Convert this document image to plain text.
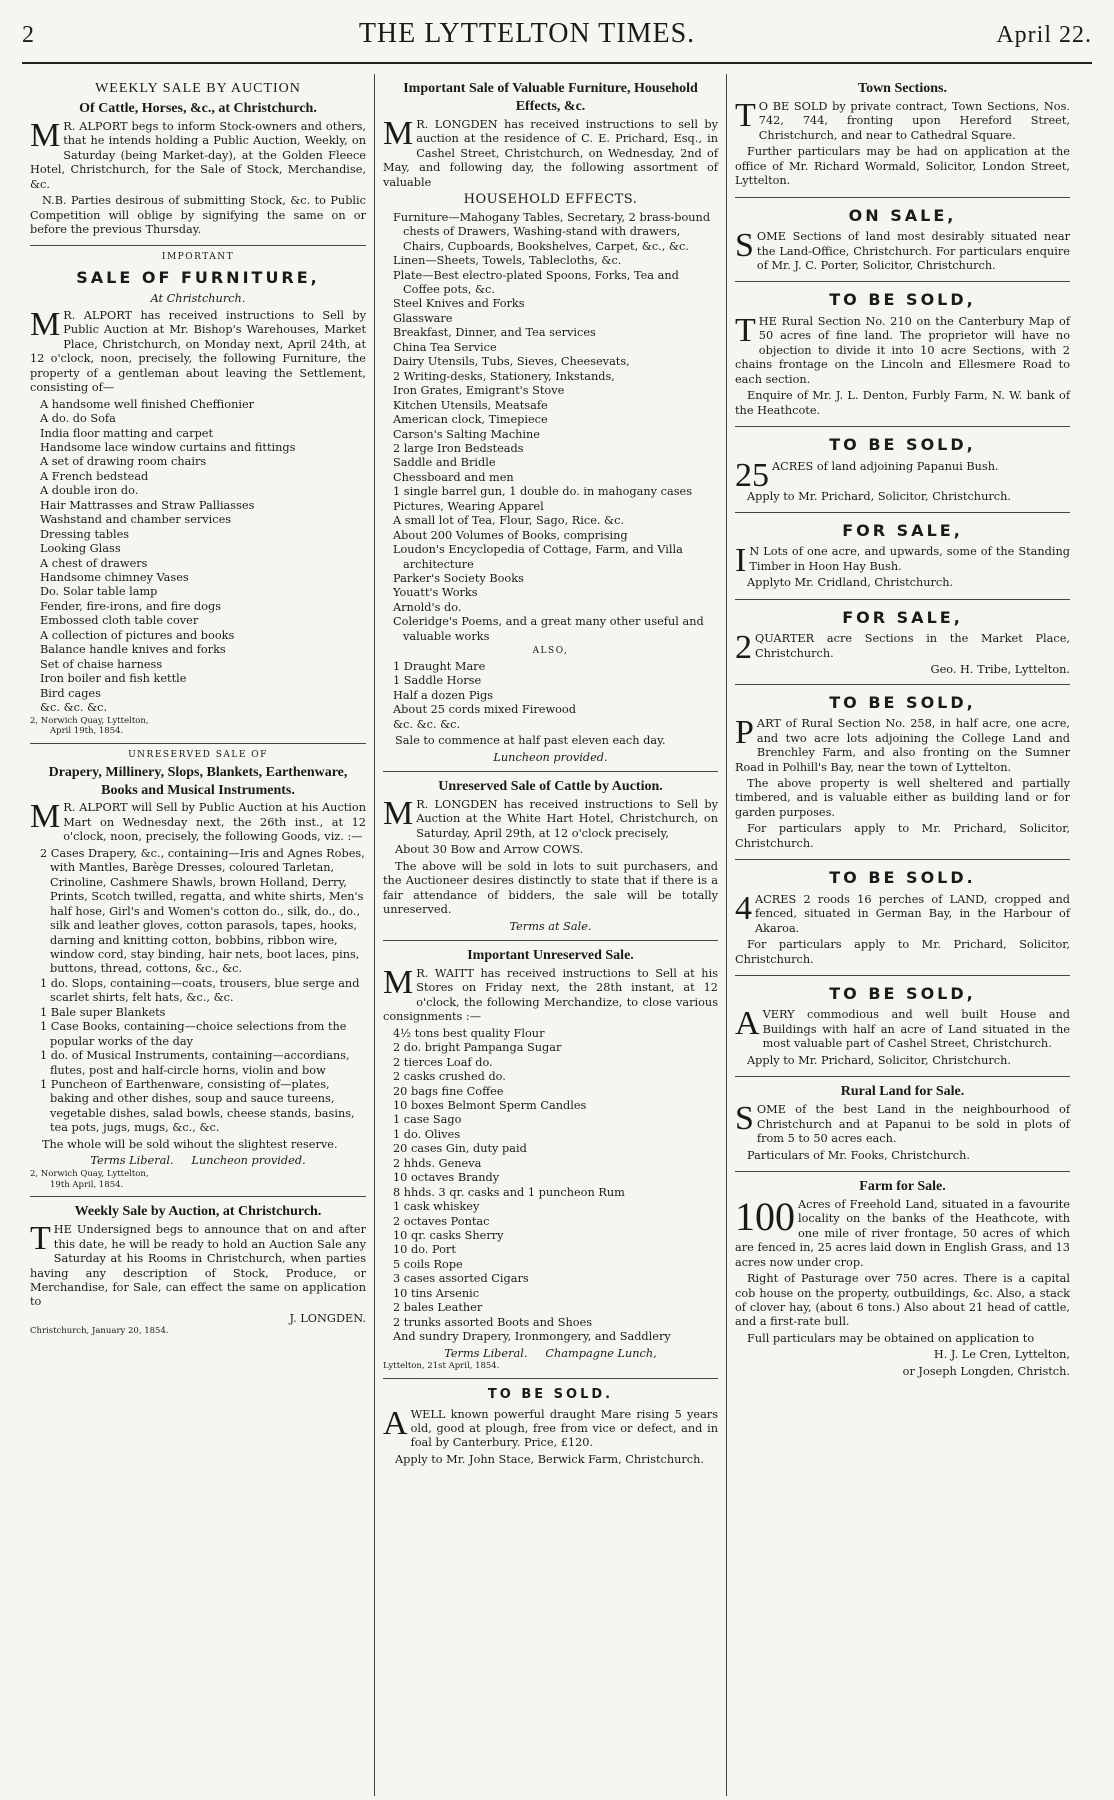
2	THE LYTTELTON TIMES.	April 22.
WEEKLY SALE BY AUCTION
Of Cattle, Horses, &c., at Christchurch.
M R. ALPORT begs to inform Stock-owners and others, that he intends holding a Public Auction, Weekly, on Saturday (being Market-day), at the Golden Fleece Hotel, Christchurch, for the Sale of Stock, Merchandise, &c.
N.B. Parties desirous of submitting Stock, &c. to Public Competition will oblige by signifying the same on or before the previous Thursday.
IMPORTANT
SALE OF FURNITURE,
At Christchurch.
M R. ALPORT has received instructions to Sell by Public Auction at Mr. Bishop's Warehouses, Market Place, Christchurch, on Monday next, April 24th, at 12 o'clock, noon, precisely, the following Furniture, the property of a gentleman about leaving the Settlement, consisting of—
A handsome well finished Cheffionier
A do. do Sofa
India floor matting and carpet
Handsome lace window curtains and fittings
A set of drawing room chairs
A French bedstead
A double iron do.
Hair Mattrasses and Straw Palliasses
Washstand and chamber services
Dressing tables
Looking Glass
A chest of drawers
Handsome chimney Vases
Do. Solar table lamp
Fender, fire-irons, and fire dogs
Embossed cloth table cover
A collection of pictures and books
Balance handle knives and forks
Set of chaise harness
Iron boiler and fish kettle
Bird cages
&c. &c. &c.
2, Norwich Quay, Lyttelton,
April 19th, 1854.
UNRESERVED SALE OF
Drapery, Millinery, Slops, Blankets, Earthenware, Books and Musical Instruments.
M R. ALPORT will Sell by Public Auction at his Auction Mart on Wednesday next, the 26th inst., at 12 o'clock, noon, precisely, the following Goods, viz. :—
2 Cases Drapery, &c., containing—Iris and Agnes Robes, with Mantles, Barège Dresses, coloured Tarletan, Crinoline, Cashmere Shawls, brown Holland, Derry, Prints, Scotch twilled, regatta, and white shirts, Men's half hose, Girl's and Women's cotton do., silk, do., do., silk and leather gloves, cotton parasols, tapes, hooks, darning and knitting cotton, bobbins, ribbon wire, window cord, stay binding, hair nets, boot laces, pins, buttons, thread, cottons, &c., &c.
1 do. Slops, containing—coats, trousers, blue serge and scarlet shirts, felt hats, &c., &c.
1 Bale super Blankets
1 Case Books, containing—choice selections from the popular works of the day
1 do. of Musical Instruments, containing—accordians, flutes, post and half-circle horns, violin and bow
1 Puncheon of Earthenware, consisting of—plates, baking and other dishes, soup and sauce tureens, vegetable dishes, salad bowls, cheese stands, basins, tea pots, jugs, mugs, &c., &c.
The whole will be sold wihout the slightest reserve.
Terms Liberal.     Luncheon provided.
2, Norwich Quay, Lyttelton,
19th April, 1854.
Weekly Sale by Auction, at Christchurch.
THE Undersigned begs to announce that on and after this date, he will be ready to hold an Auction Sale any Saturday at his Rooms in Christchurch, when parties having any description of Stock, Produce, or Merchandise, for Sale, can effect the same on application to
J. LONGDEN.
Christchurch, January 20, 1854.
Important Sale of Valuable Furniture, Household Effects, &c.
M R. LONGDEN has received instructions to sell by auction at the residence of C. E. Prichard, Esq., in Cashel Street, Christchurch, on Wednesday, 2nd of May, and following day, the following assortment of valuable
HOUSEHOLD EFFECTS.
Furniture—Mahogany Tables, Secretary, 2 brass-bound chests of Drawers, Washing-stand with drawers, Chairs, Cupboards, Bookshelves, Carpet, &c., &c.
Linen—Sheets, Towels, Tablecloths, &c.
Plate—Best electro-plated Spoons, Forks, Tea and Coffee pots, &c.
Steel Knives and Forks
Glassware
Breakfast, Dinner, and Tea services
China Tea Service
Dairy Utensils, Tubs, Sieves, Cheesevats,
2 Writing-desks, Stationery, Inkstands,
Iron Grates, Emigrant's Stove
Kitchen Utensils, Meatsafe
American clock, Timepiece
Carson's Salting Machine
2 large Iron Bedsteads
Saddle and Bridle
Chessboard and men
1 single barrel gun, 1 double do. in mahogany cases
Pictures, Wearing Apparel
A small lot of Tea, Flour, Sago, Rice. &c.
About 200 Volumes of Books, comprising
Loudon's Encyclopedia of Cottage, Farm, and Villa architecture
Parker's Society Books
Youatt's Works
Arnold's do.
Coleridge's Poems, and a great many other useful and valuable works
ALSO,
1 Draught Mare
1 Saddle Horse
Half a dozen Pigs
About 25 cords mixed Firewood
&c. &c. &c.
Sale to commence at half past eleven each day.
Luncheon provided.
Unreserved Sale of Cattle by Auction.
M R. LONGDEN has received instructions to Sell by Auction at the White Hart Hotel, Christchurch, on Saturday, April 29th, at 12 o'clock precisely,
About 30 Bow and Arrow COWS.
The above will be sold in lots to suit purchasers, and the Auctioneer desires distinctly to state that if there is a fair attendance of bidders, the sale will be totally unreserved.
Terms at Sale.
Important Unreserved Sale.
M R. WAITT has received instructions to Sell at his Stores on Friday next, the 28th instant, at 12 o'clock, the following Merchandize, to close various consignments :—
4½ tons best quality Flour
2 do. bright Pampanga Sugar
2 tierces Loaf do.
2 casks crushed do.
20 bags fine Coffee
10 boxes Belmont Sperm Candles
1 case Sago
1 do. Olives
20 cases Gin, duty paid
2 hhds. Geneva
10 octaves Brandy
8 hhds. 3 qr. casks and 1 puncheon Rum
1 cask whiskey
2 octaves Pontac
10 qr. casks Sherry
10 do. Port
5 coils Rope
3 cases assorted Cigars
10 tins Arsenic
2 bales Leather
2 trunks assorted Boots and Shoes
And sundry Drapery, Ironmongery, and Saddlery
Terms Liberal.     Champagne Lunch,
Lyttelton, 21st April, 1854.
TO BE SOLD.
AWELL known powerful draught Mare rising 5 years old, good at plough, free from vice or defect, and in foal by Canterbury. Price, £120.
Apply to Mr. John Stace, Berwick Farm, Christchurch.
Town Sections.
T O BE SOLD by private contract, Town Sections, Nos. 742, 744, fronting upon Hereford Street, Christchurch, and near to Cathedral Square.
Further particulars may be had on application at the office of Mr. Richard Wormald, Solicitor, London Street, Lyttelton.
ON SALE,
SOME Sections of land most desirably situated near the Land-Office, Christchurch. For particulars enquire of Mr. J. C. Porter, Solicitor, Christchurch.
TO BE SOLD,
THE Rural Section No. 210 on the Canterbury Map of 50 acres of fine land. The proprietor will have no objection to divide it into 10 acre Sections, with 2 chains frontage on the Lincoln and Ellesmere Road to each section.
Enquire of Mr. J. L. Denton, Furbly Farm, N. W. bank of the Heathcote.
TO BE SOLD,
25 ACRES of land adjoining Papanui Bush.
Apply to Mr. Prichard, Solicitor, Christchurch.
FOR SALE,
I N Lots of one acre, and upwards, some of the Standing Timber in Hoon Hay Bush.
Applyto Mr. Cridland, Christchurch.
FOR SALE,
2 QUARTER acre Sections in the Market Place, Christchurch.
Geo. H. Tribe, Lyttelton.
TO BE SOLD,
PART of Rural Section No. 258, in half acre, one acre, and two acre lots adjoining the College Land and Brenchley Farm, and also fronting on the Sumner Road in Polhill's Bay, near the town of Lyttelton.
The above property is well sheltered and partially timbered, and is valuable either as building land or for garden purposes.
For particulars apply to Mr. Prichard, Solicitor, Christchurch.
TO BE SOLD.
4 ACRES 2 roods 16 perches of LAND, cropped and fenced, situated in German Bay, in the Harbour of Akaroa.
For particulars apply to Mr. Prichard, Solicitor, Christchurch.
TO BE SOLD,
AVERY commodious and well built House and Buildings with half an acre of Land situated in the most valuable part of Cashel Street, Christchurch.
Apply to Mr. Prichard, Solicitor, Christchurch.
Rural Land for Sale.
SOME of the best Land in the neighbourhood of Christchurch and at Papanui to be sold in plots of from 5 to 50 acres each.
Particulars of Mr. Fooks, Christchurch.
Farm for Sale.
100 Acres of Freehold Land, situated in a favourite locality on the banks of the Heathcote, with one mile of river frontage, 50 acres of which are fenced in, 25 acres laid down in English Grass, and 13 acres now under crop.
Right of Pasturage over 750 acres. There is a capital cob house on the property, outbuildings, &c. Also, a stack of clover hay, (about 6 tons.) Also about 21 head of cattle, and a first-rate bull.
Full particulars may be obtained on application to
H. J. Le Cren, Lyttelton,
or Joseph Longden, Christch.
